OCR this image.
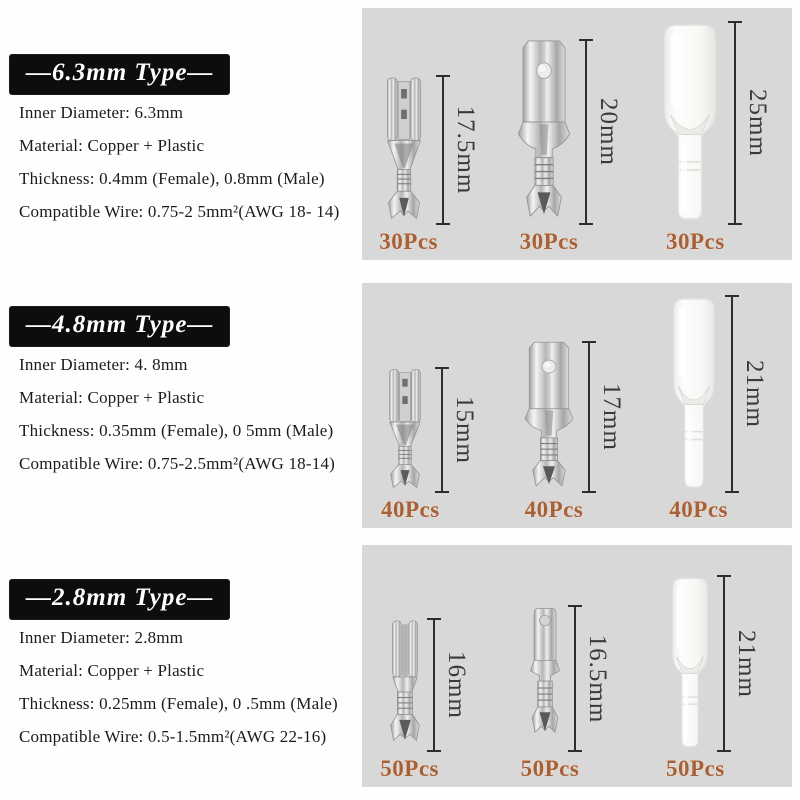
—6.3mm Type—

Inner Diameter: 6.3mm

Material: Copper + Plastic

Thickness: 0.4mm (Female), 0.8mm (Male)

Compatible Wire: 0.75-2 5mm²(AWG 18- 14)

—4.8mm Type—

Inner Diameter: 4. 8mm

Material: Copper + Plastic

Thickness: 0.35mm (Female), 0 5mm (Male)

Compatible Wire: 0.75-2.5mm²(AWG 18-14)

—2.8mm Type—

Inner Diameter: 2.8mm

Material: Copper + Plastic

Thickness: 0.25mm (Female), 0 .5mm (Male)

Compatible Wire: 0.5-1.5mm²(AWG 22-16)

17.5mm
30Pcs
20mm
30Pcs
25mm
30Pcs
15mm
40Pcs
17mm
40Pcs
21mm
40Pcs
16mm
50Pcs
16.5mm
50Pcs
21mm
50Pcs
